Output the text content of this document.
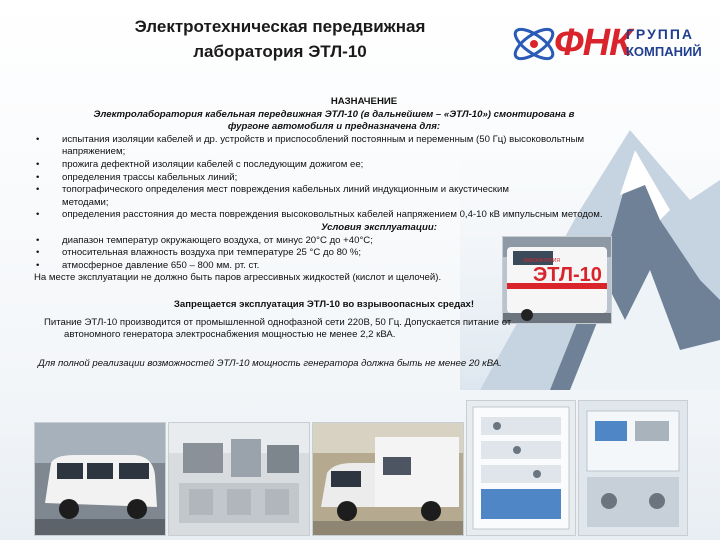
Электротехническая передвижная
лаборатория ЭТЛ-10	ФНК
ГРУППА
КОМПАНИЙ
ЛАБОРАТОРИЯ
ЭТЛ-10
НАЗНАЧЕНИЕ
Электролаборатория кабельная передвижная ЭТЛ-10 (в дальнейшем – «ЭТЛ-10») смонтирована в фургоне автомобиля и предназначена для:
• испытания изоляции кабелей и др. устройств и приспособлений постоянным и переменным (50 Гц) высоковольтным напряжением;
• прожига дефектной изоляции кабелей с последующим дожигом ее;
• определения трассы кабельных линий;
• топографического определения мест повреждения кабельных линий индукционным и акустическим методами;
• определения расстояния до места повреждения высоковольтных кабелей напряжением 0,4-10 кВ импульсным методом.
Условия эксплуатации:
• диапазон температур окружающего воздуха, от минус 20°С до +40°С;
• относительная влажность воздуха при температуре 25 °С до 80 %;
• атмосферное давление 650 – 800 мм. рт. ст.

На месте эксплуатации не должно быть паров агрессивных жидкостей (кислот и щелочей).

Запрещается эксплуатация ЭТЛ-10 во взрывоопасных средах!
Питание ЭТЛ-10 производится от промышленной однофазной сети 220В, 50 Гц. Допускается питание от
автономного генератора электроснабжения мощностью не менее 2,2 кВА.
Для полной реализации возможностей ЭТЛ-10 мощность генератора должна быть не менее 20 кВА.
